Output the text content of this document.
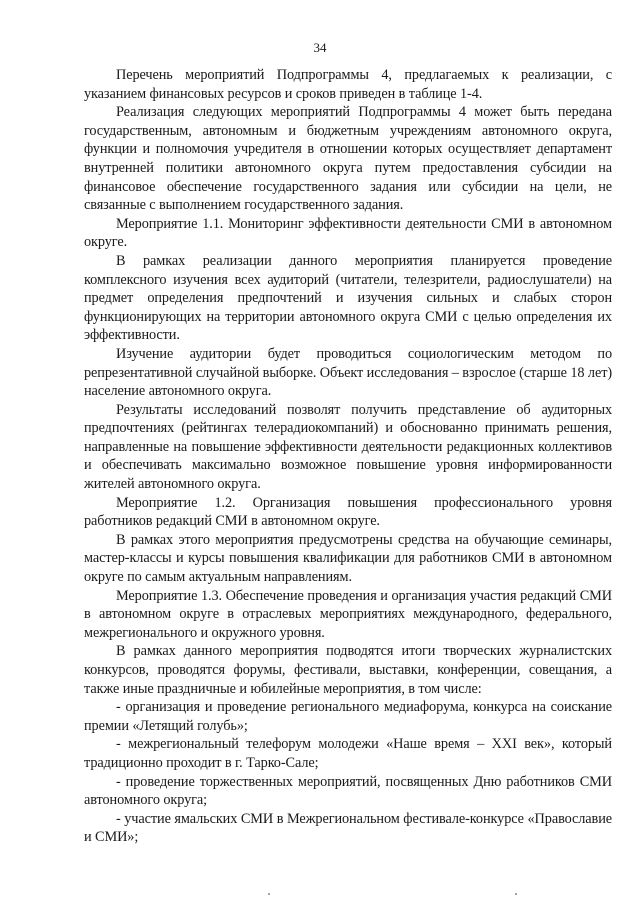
34

Перечень мероприятий Подпрограммы 4, предлагаемых к реализации, с указанием финансовых ресурсов и сроков приведен в таблице 1-4.

Реализация следующих мероприятий Подпрограммы 4 может быть передана государственным, автономным и бюджетным учреждениям автономного округа, функции и полномочия учредителя в отношении которых осуществляет департамент внутренней политики автономного округа путем предоставления субсидии на финансовое обеспечение государственного задания или субсидии на цели, не связанные с выполнением государственного задания.

Мероприятие 1.1. Мониторинг эффективности деятельности СМИ в автономном округе.

В рамках реализации данного мероприятия планируется проведение комплексного изучения всех аудиторий (читатели, телезрители, радиослушатели) на предмет определения предпочтений и изучения сильных и слабых сторон функционирующих на территории автономного округа СМИ с целью определения их эффективности.

Изучение аудитории будет проводиться социологическим методом по репрезентативной случайной выборке. Объект исследования – взрослое (старше 18 лет) население автономного округа.

Результаты исследований позволят получить представление об аудиторных предпочтениях (рейтингах телерадиокомпаний) и обоснованно принимать решения, направленные на повышение эффективности деятельности редакционных коллективов и обеспечивать максимально возможное повышение уровня информированности жителей автономного округа.

Мероприятие 1.2. Организация повышения профессионального уровня работников редакций СМИ в автономном округе.

В рамках этого мероприятия предусмотрены средства на обучающие семинары, мастер-классы и курсы повышения квалификации для работников СМИ в автономном округе по самым актуальным направлениям.

Мероприятие 1.3. Обеспечение проведения и организация участия редакций СМИ в автономном округе в отраслевых мероприятиях международного, федерального, межрегионального и окружного уровня.

В рамках данного мероприятия подводятся итоги творческих журналистских конкурсов, проводятся форумы, фестивали, выставки, конференции, совещания, а также иные праздничные и юбилейные мероприятия, в том числе:

- организация и проведение регионального медиафорума, конкурса на соискание премии «Летящий голубь»;

- межрегиональный телефорум молодежи «Наше время – XXI век», который традиционно проходит в г. Тарко-Сале;

- проведение торжественных мероприятий, посвященных Дню работников СМИ автономного округа;

- участие ямальских СМИ в Межрегиональном фестивале-конкурсе «Православие и СМИ»;
